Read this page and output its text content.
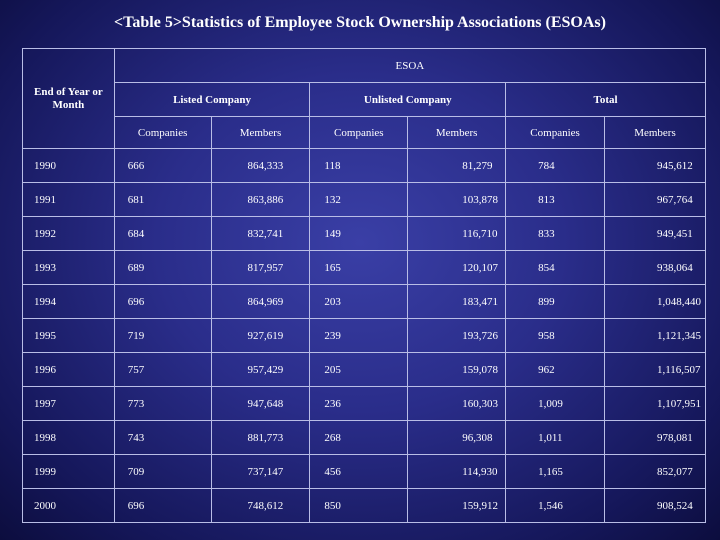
<Table 5>Statistics of Employee Stock Ownership Associations (ESOAs)
End of Year or Month	ESOA					
	Listed Company		Unlisted Company		Total	
	Companies	Members	Companies	Members	Companies	Members
1990	666	864,333	118	81,279	784	945,612
1991	681	863,886	132	103,878	813	967,764
1992	684	832,741	149	116,710	833	949,451
1993	689	817,957	165	120,107	854	938,064
1994	696	864,969	203	183,471	899	1,048,440
1995	719	927,619	239	193,726	958	1,121,345
1996	757	957,429	205	159,078	962	1,116,507
1997	773	947,648	236	160,303	1,009	1,107,951
1998	743	881,773	268	96,308	1,011	978,081
1999	709	737,147	456	114,930	1,165	852,077
2000	696	748,612	850	159,912	1,546	908,524
